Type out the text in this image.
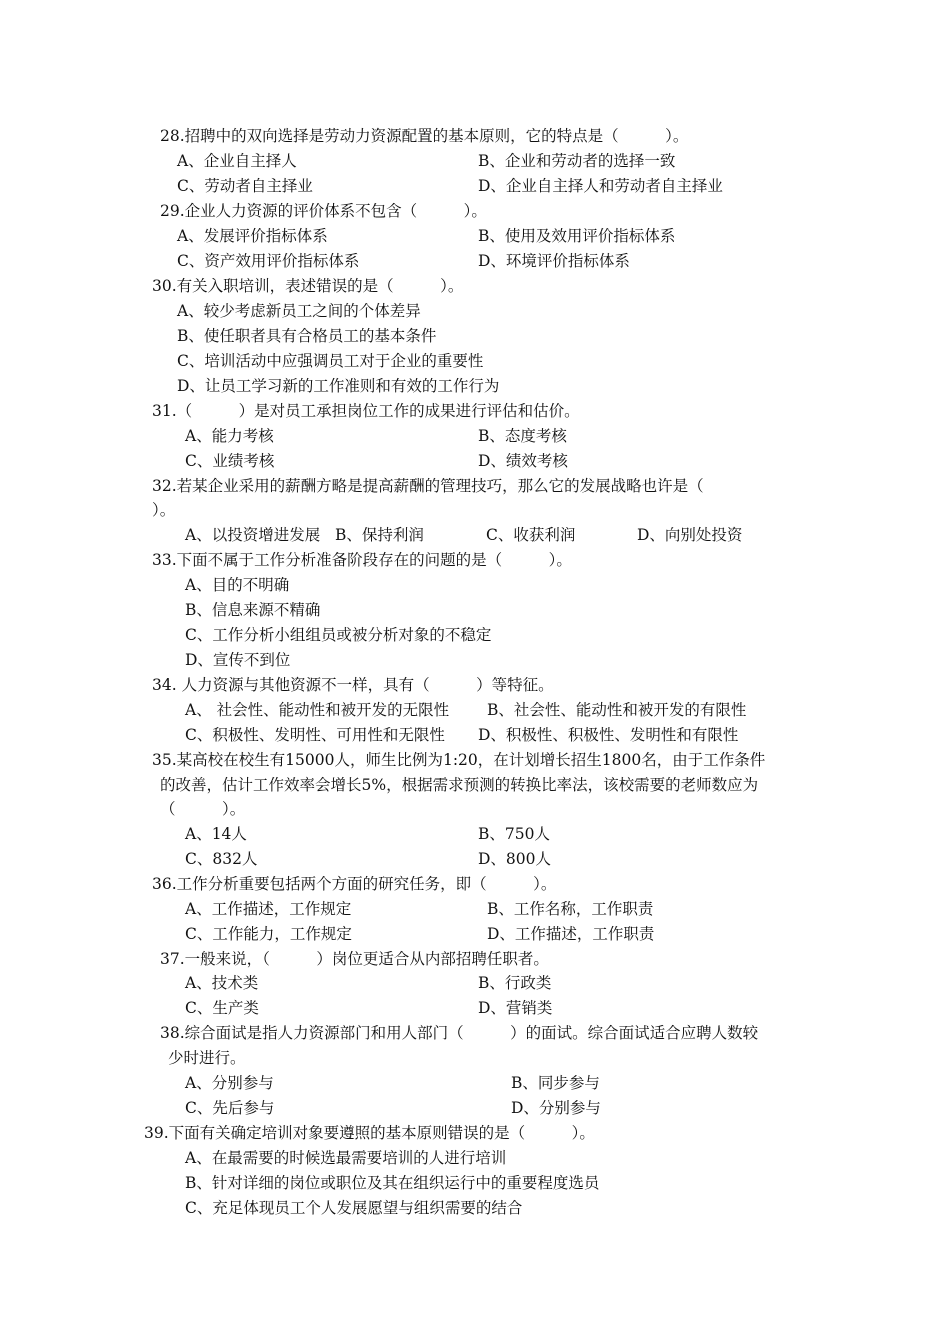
28.招聘中的双向选择是劳动力资源配置的基本原则，它的特点是（　　　）。
A、企业自主择人	B、企业和劳动者的选择一致
C、劳动者自主择业	D、企业自主择人和劳动者自主择业
29.企业人力资源的评价体系不包含（　　　）。
A、发展评价指标体系	B、使用及效用评价指标体系
C、资产效用评价指标体系	D、环境评价指标体系
30.有关入职培训，表述错误的是（　　　）。
A、较少考虑新员工之间的个体差异
B、使任职者具有合格员工的基本条件
C、培训活动中应强调员工对于企业的重要性
D、让员工学习新的工作准则和有效的工作行为
31.（　　　）是对员工承担岗位工作的成果进行评估和估价。
A、能力考核	B、态度考核
C、业绩考核	D、绩效考核
32.若某企业采用的薪酬方略是提高薪酬的管理技巧，那么它的发展战略也许是（
）。
A、以投资增进发展 B、保持利润	C、收获利润	D、向别处投资
33.下面不属于工作分析准备阶段存在的问题的是（　　　）。
A、目的不明确
B、信息来源不精确
C、工作分析小组组员或被分析对象的不稳定
D、宣传不到位
34. 人力资源与其他资源不一样，具有（　　　）等特征。
A、 社会性、能动性和被开发的无限性 B、社会性、能动性和被开发的有限性
C、积极性、发明性、可用性和无限性 D、积极性、积极性、发明性和有限性
35.某高校在校生有15000人，师生比例为1:20，在计划增长招生1800名，由于工作条件
的改善，估计工作效率会增长5%，根据需求预测的转换比率法，该校需要的老师数应为
（　　　）。
A、14人	B、750人
C、832人	D、800人
36.工作分析重要包括两个方面的研究任务，即（　　　）。
A、工作描述，工作规定	B、工作名称，工作职责
C、工作能力，工作规定	D、工作描述，工作职责
37.一般来说，（　　　）岗位更适合从内部招聘任职者。
A、技术类	B、行政类
C、生产类	D、营销类
38.综合面试是指人力资源部门和用人部门（　　　）的面试。综合面试适合应聘人数较
少时进行。
A、分别参与	B、同步参与
C、先后参与	D、分别参与
39.下面有关确定培训对象要遵照的基本原则错误的是（　　　）。
A、在最需要的时候选最需要培训的人进行培训
B、针对详细的岗位或职位及其在组织运行中的重要程度选员
C、充足体现员工个人发展愿望与组织需要的结合
